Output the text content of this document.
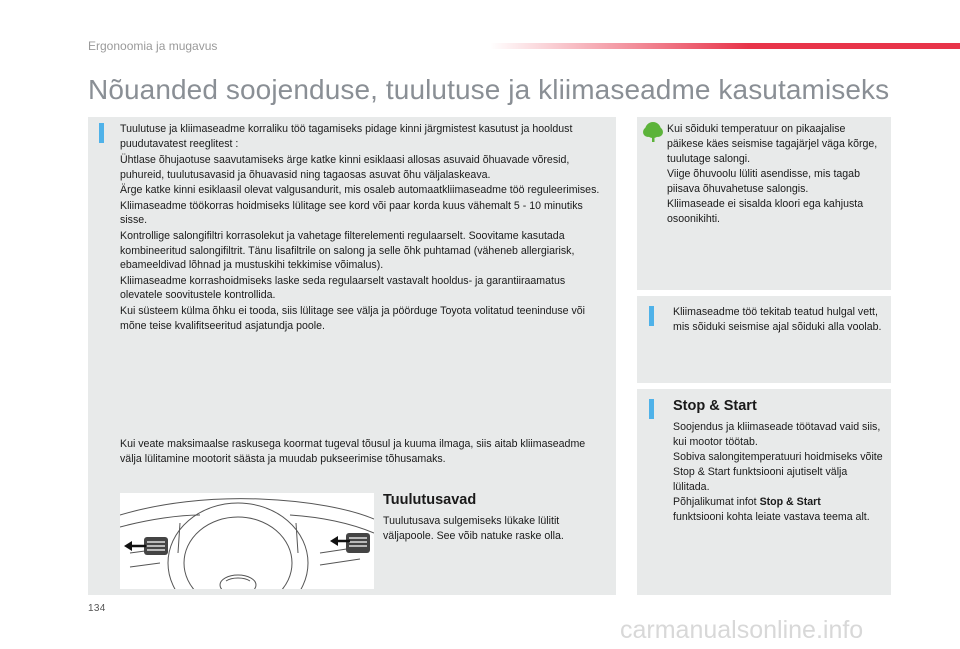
Ergonoomia ja mugavus
Nõuanded soojenduse, tuulutuse ja kliimaseadme kasutamiseks
Tuulutuse ja kliimaseadme korraliku töö tagamiseks pidage kinni järgmistest kasutust ja hooldust puudutavatest reeglitest :
Ühtlase õhujaotuse saavutamiseks ärge katke kinni esiklaasi allosas asuvaid õhuavade võresid, puhureid, tuulutusavasid ja õhuavasid ning tagaosas asuvat õhu väljalaskeava.
Ärge katke kinni esiklaasil olevat valgusandurit, mis osaleb automaatkliimaseadme töö reguleerimises.
Kliimaseadme töökorras hoidmiseks lülitage see kord või paar korda kuus vähemalt 5 - 10 minutiks sisse.
Kontrollige salongifiltri korrasolekut ja vahetage filterelementi regulaarselt. Soovitame kasutada kombineeritud salongifiltrit. Tänu lisafiltrile on salong ja selle õhk puhtamad (väheneb allergiarisk, ebameeldivad lõhnad ja mustuskihi tekkimise võimalus).
Kliimaseadme korrashoidmiseks laske seda regulaarselt vastavalt hooldus- ja garantiiraamatus olevatele soovitustele kontrollida.
Kui süsteem külma õhku ei tooda, siis lülitage see välja ja pöörduge Toyota volitatud teeninduse või mõne teise kvalifitseeritud asjatundja poole.
Kui veate maksimaalse raskusega koormat tugeval tõusul ja kuuma ilmaga, siis aitab kliimaseadme välja lülitamine mootorit säästa ja muudab pukseerimise tõhusamaks.
Tuulutusavad
Tuulutusava sulgemiseks lükake lülitit väljapoole. See võib natuke raske olla.
Kui sõiduki temperatuur on pikaajalise päikese käes seismise tagajärjel väga kõrge, tuulutage salongi.
Viige õhuvoolu lüliti asendisse, mis tagab piisava õhuvahetuse salongis.
Kliimaseade ei sisalda kloori ega kahjusta osoonikihti.
Kliimaseadme töö tekitab teatud hulgal vett, mis sõiduki seismise ajal sõiduki alla voolab.
Stop & Start
Soojendus ja kliimaseade töötavad vaid siis, kui mootor töötab.
Sobiva salongitemperatuuri hoidmiseks võite Stop & Start funktsiooni ajutiselt välja lülitada.
Põhjalikumat infot Stop & Start
funktsiooni kohta leiate vastava teema alt.
134
carmanualsonline.info
